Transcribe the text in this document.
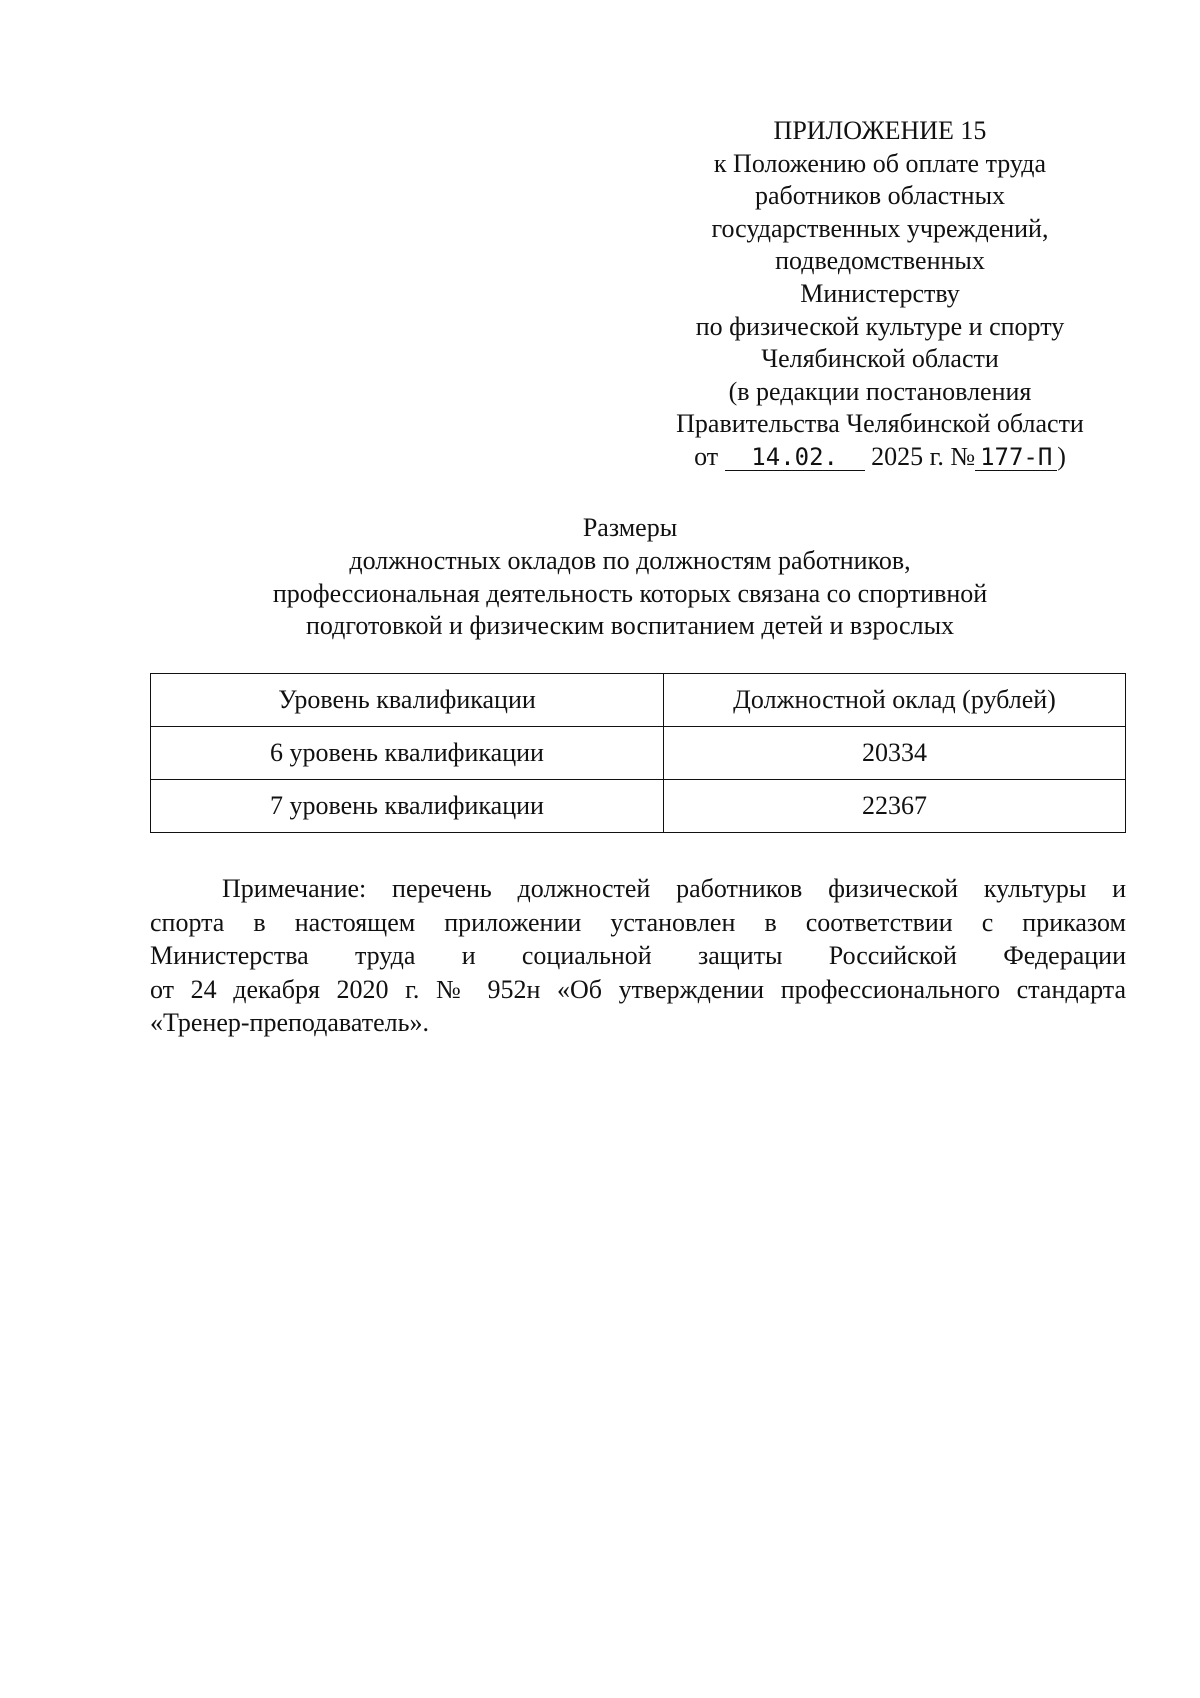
ПРИЛОЖЕНИЕ 15
к Положению об оплате труда
работников областных
государственных учреждений,
подведомственных
Министерству
по физической культуре и спорту
Челябинской области
(в редакции постановления
Правительства Челябинской области
от 14.02. 2025 г. № 177-П )
Размеры
должностных окладов по должностям работников,
профессиональная деятельность которых связана со спортивной
подготовкой и физическим воспитанием детей и взрослых
Уровень квалификации	Должностной оклад (рублей)
6 уровень квалификации	20334
7 уровень квалификации	22367
Примечание: перечень должностей работников физической культуры и
спорта в настоящем приложении установлен в соответствии с приказом
Министерства труда и социальной защиты Российской Федерации
от 24 декабря 2020 г. № 952н «Об утверждении профессионального стандарта
«Тренер-преподаватель».
